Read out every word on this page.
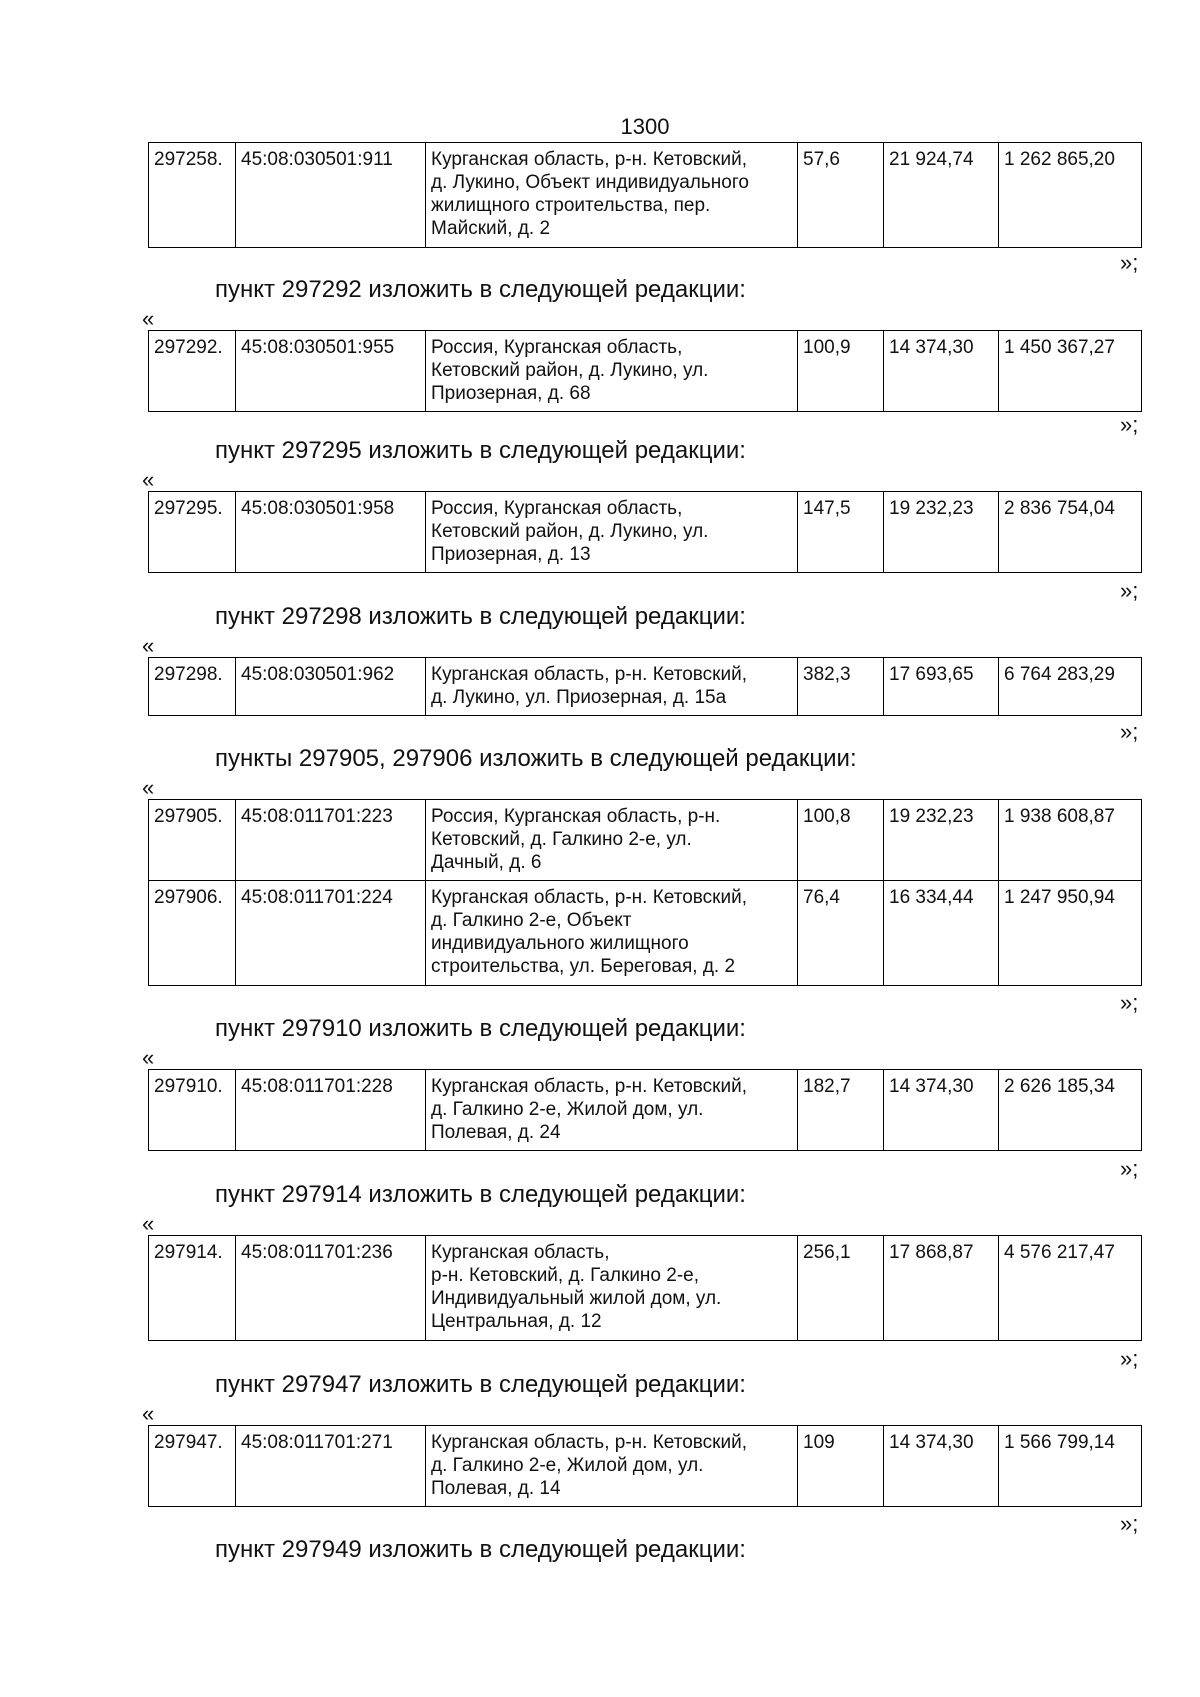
1300
297258.	45:08:030501:911	Курганская область, р-н. Кетовский,
д. Лукино, Объект индивидуального
жилищного строительства, пер.
Майский, д. 2	57,6	21 924,74	1 262 865,20
»;
пункт 297292 изложить в следующей редакции:
«
297292.	45:08:030501:955	Россия, Курганская область,
Кетовский район, д. Лукино, ул.
Приозерная, д. 68	100,9	14 374,30	1 450 367,27
»;
пункт 297295 изложить в следующей редакции:
«
297295.	45:08:030501:958	Россия, Курганская область,
Кетовский район, д. Лукино, ул.
Приозерная, д. 13	147,5	19 232,23	2 836 754,04
»;
пункт 297298 изложить в следующей редакции:
«
297298.	45:08:030501:962	Курганская область, р-н. Кетовский,
д. Лукино, ул. Приозерная, д. 15а	382,3	17 693,65	6 764 283,29
»;
пункты 297905, 297906 изложить в следующей редакции:
«
297905.	45:08:011701:223	Россия, Курганская область, р-н.
Кетовский, д. Галкино 2-е, ул.
Дачный, д. 6	100,8	19 232,23	1 938 608,87
297906.	45:08:011701:224	Курганская область, р-н. Кетовский,
д. Галкино 2-е, Объект
индивидуального жилищного
строительства, ул. Береговая, д. 2	76,4	16 334,44	1 247 950,94
»;
пункт 297910 изложить в следующей редакции:
«
297910.	45:08:011701:228	Курганская область, р-н. Кетовский,
д. Галкино 2-е, Жилой дом, ул.
Полевая, д. 24	182,7	14 374,30	2 626 185,34
»;
пункт 297914 изложить в следующей редакции:
«
297914.	45:08:011701:236	Курганская область,
р-н. Кетовский, д. Галкино 2-е,
Индивидуальный жилой дом, ул.
Центральная, д. 12	256,1	17 868,87	4 576 217,47
»;
пункт 297947 изложить в следующей редакции:
«
297947.	45:08:011701:271	Курганская область, р-н. Кетовский,
д. Галкино 2-е, Жилой дом, ул.
Полевая, д. 14	109	14 374,30	1 566 799,14
»;
пункт 297949 изложить в следующей редакции:
